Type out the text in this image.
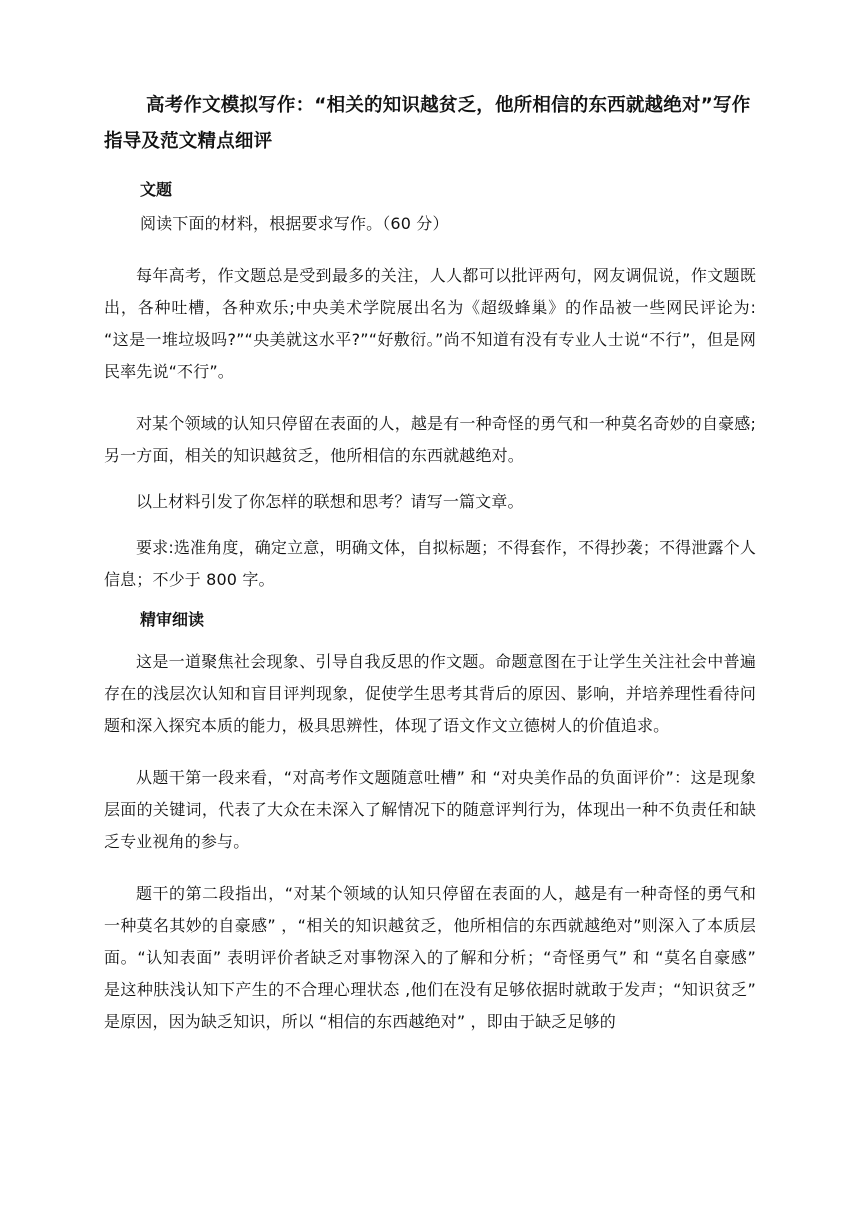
高考作文模拟写作：“相关的知识越贫乏，他所相信的东西就越绝对”写作指导及范文精点细评
文题

阅读下面的材料，根据要求写作。（60 分）

每年高考，作文题总是受到最多的关注，人人都可以批评两句，网友调侃说，作文题既出，各种吐槽，各种欢乐;中央美术学院展出名为《超级蜂巢》的作品被一些网民评论为: “这是一堆垃圾吗?”“央美就这水平?”“好敷衍。”尚不知道有没有专业人士说“不行”，但是网民率先说“不行”。

对某个领域的认知只停留在表面的人，越是有一种奇怪的勇气和一种莫名奇妙的自豪感;另一方面，相关的知识越贫乏，他所相信的东西就越绝对。

以上材料引发了你怎样的联想和思考？请写一篇文章。

要求:选准角度，确定立意，明确文体，自拟标题；不得套作，不得抄袭；不得泄露个人信息；不少于 800 字。

精审细读

这是一道聚焦社会现象、引导自我反思的作文题。命题意图在于让学生关注社会中普遍存在的浅层次认知和盲目评判现象，促使学生思考其背后的原因、影响，并培养理性看待问题和深入探究本质的能力，极具思辨性，体现了语文作文立德树人的价值追求。

从题干第一段来看，“对高考作文题随意吐槽” 和 “对央美作品的负面评价”：这是现象层面的关键词，代表了大众在未深入了解情况下的随意评判行为，体现出一种不负责任和缺乏专业视角的参与。

题干的第二段指出，“对某个领域的认知只停留在表面的人，越是有一种奇怪的勇气和一种莫名其妙的自豪感” ，“相关的知识越贫乏，他所相信的东西就越绝对”则深入了本质层面。“认知表面” 表明评价者缺乏对事物深入的了解和分析；“奇怪勇气” 和 “莫名自豪感” 是这种肤浅认知下产生的不合理心理状态 ,他们在没有足够依据时就敢于发声；“知识贫乏” 是原因，因为缺乏知识，所以 “相信的东西越绝对” ，即由于缺乏足够的
